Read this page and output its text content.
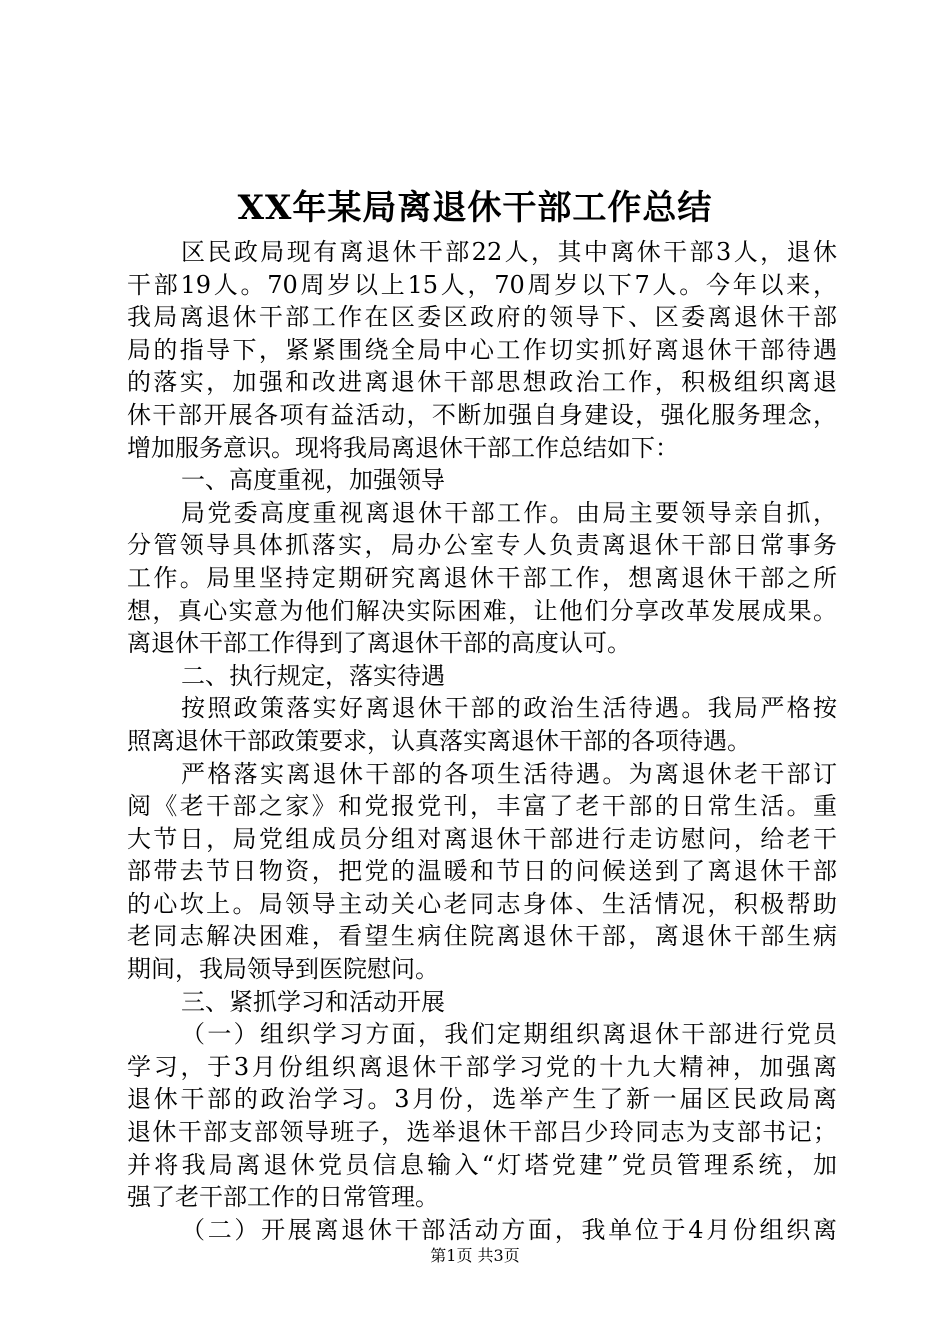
XX年某局离退休干部工作总结
区民政局现有离退休干部22人，其中离休干部3人，退休
干部19人。70周岁以上15人，70周岁以下7人。今年以来，
我局离退休干部工作在区委区政府的领导下、区委离退休干部
局的指导下，紧紧围绕全局中心工作切实抓好离退休干部待遇
的落实，加强和改进离退休干部思想政治工作，积极组织离退
休干部开展各项有益活动，不断加强自身建设，强化服务理念，
增加服务意识。现将我局离退休干部工作总结如下：
一、高度重视，加强领导
局党委高度重视离退休干部工作。由局主要领导亲自抓，
分管领导具体抓落实，局办公室专人负责离退休干部日常事务
工作。局里坚持定期研究离退休干部工作，想离退休干部之所
想，真心实意为他们解决实际困难，让他们分享改革发展成果。
离退休干部工作得到了离退休干部的高度认可。
二、执行规定，落实待遇
按照政策落实好离退休干部的政治生活待遇。我局严格按
照离退休干部政策要求，认真落实离退休干部的各项待遇。
严格落实离退休干部的各项生活待遇。为离退休老干部订
阅《老干部之家》和党报党刊，丰富了老干部的日常生活。重
大节日，局党组成员分组对离退休干部进行走访慰问，给老干
部带去节日物资，把党的温暖和节日的问候送到了离退休干部
的心坎上。局领导主动关心老同志身体、生活情况，积极帮助
老同志解决困难，看望生病住院离退休干部，离退休干部生病
期间，我局领导到医院慰问。
三、紧抓学习和活动开展
（一）组织学习方面，我们定期组织离退休干部进行党员
学习，于3月份组织离退休干部学习党的十九大精神，加强离
退休干部的政治学习。3月份，选举产生了新一届区民政局离
退休干部支部领导班子，选举退休干部吕少玲同志为支部书记；
并将我局离退休党员信息输入“灯塔党建”党员管理系统，加
强了老干部工作的日常管理。
（二）开展离退休干部活动方面，我单位于4月份组织离
第1页 共3页
